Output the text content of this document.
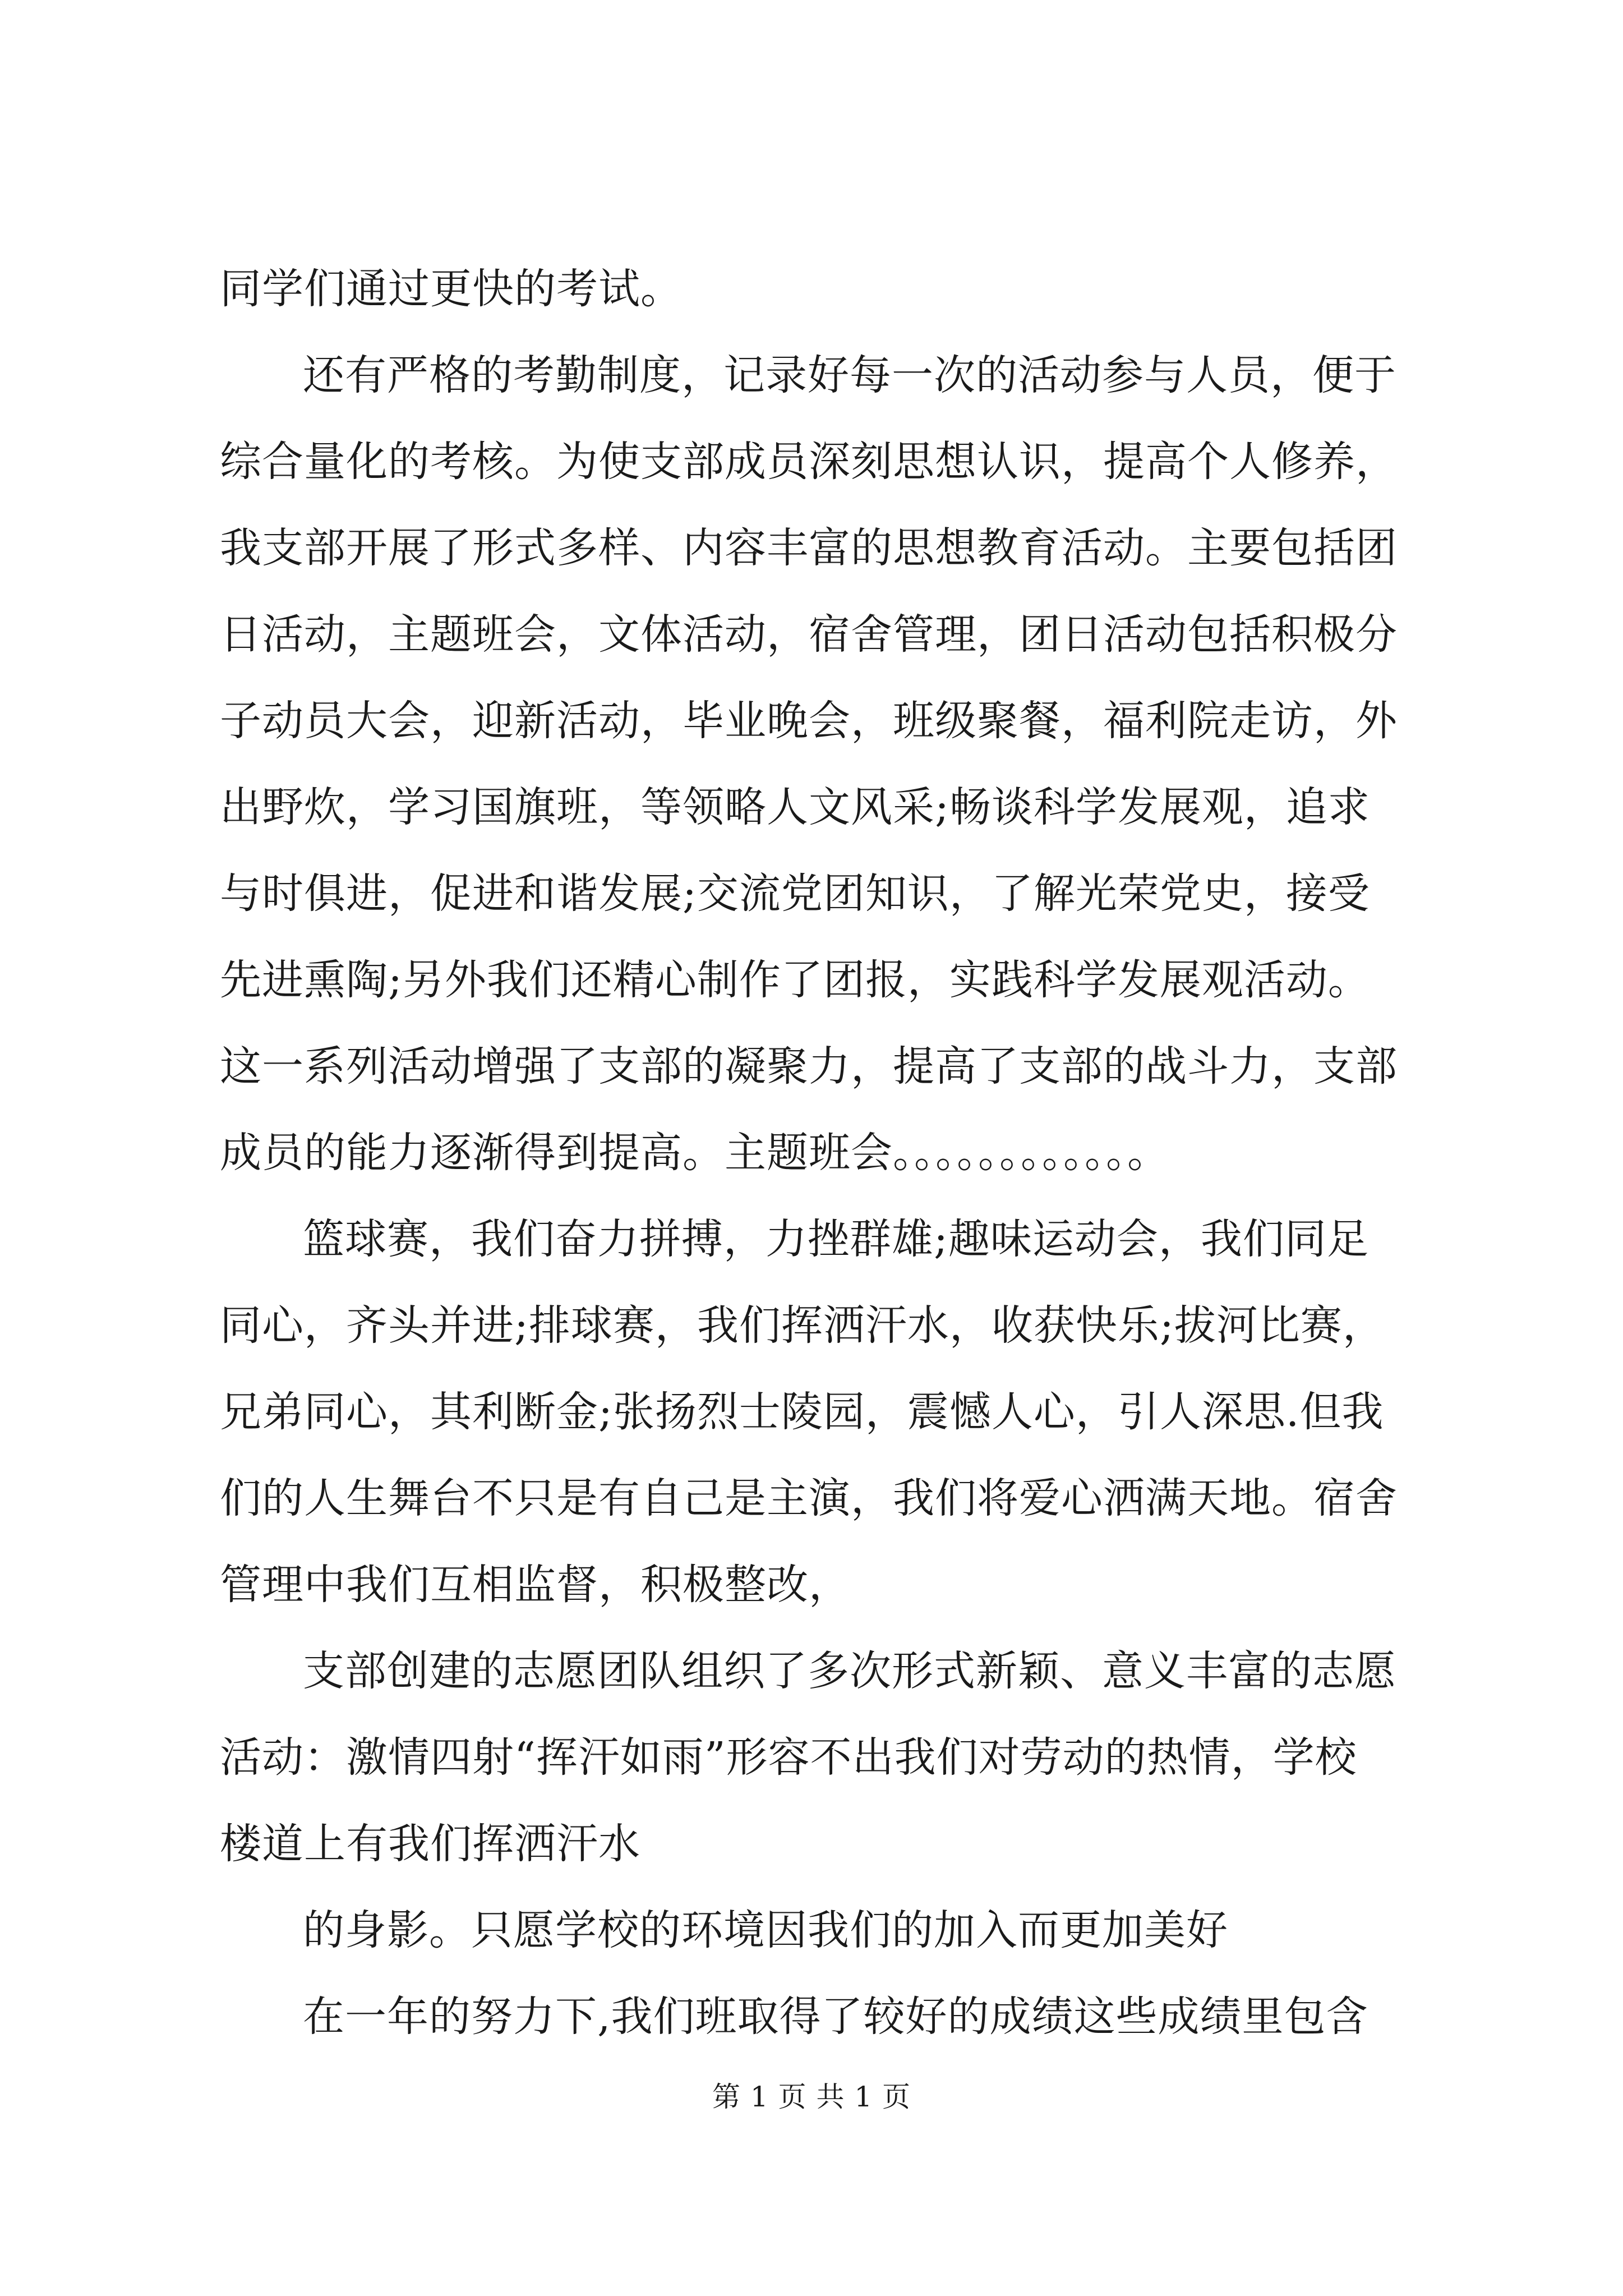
同学们通过更快的考试。
还有严格的考勤制度，记录好每一次的活动参与人员，便于
综合量化的考核。为使支部成员深刻思想认识，提高个人修养，
我支部开展了形式多样、内容丰富的思想教育活动。主要包括团
日活动，主题班会，文体活动，宿舍管理，团日活动包括积极分
子动员大会，迎新活动，毕业晚会，班级聚餐，福利院走访，外
出野炊，学习国旗班，等领略人文风采;畅谈科学发展观，追求
与时俱进，促进和谐发展;交流党团知识，了解光荣党史，接受
先进熏陶;另外我们还精心制作了团报，实践科学发展观活动。
这一系列活动增强了支部的凝聚力，提高了支部的战斗力，支部
成员的能力逐渐得到提高。主题班会。。。。。。。。。。。。
篮球赛，我们奋力拼搏，力挫群雄;趣味运动会，我们同足
同心，齐头并进;排球赛，我们挥洒汗水，收获快乐;拔河比赛，
兄弟同心，其利断金;张扬烈士陵园，震憾人心，引人深思.但我
们的人生舞台不只是有自己是主演，我们将爱心洒满天地。宿舍
管理中我们互相监督，积极整改，
支部创建的志愿团队组织了多次形式新颖、意义丰富的志愿
活动：激情四射“挥汗如雨”形容不出我们对劳动的热情，学校
楼道上有我们挥洒汗水
的身影。只愿学校的环境因我们的加入而更加美好
在一年的努力下,我们班取得了较好的成绩这些成绩里包含
第 1 页 共 1 页
